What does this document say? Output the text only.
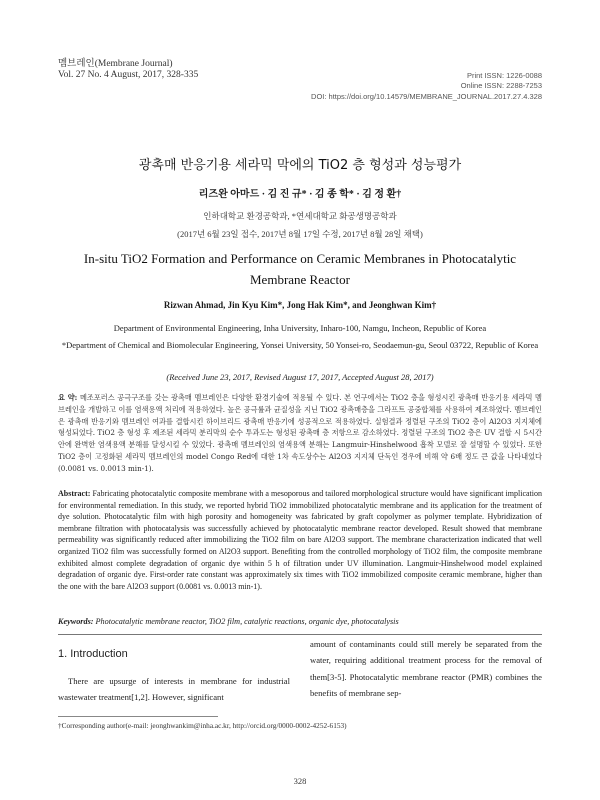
멤브레인(Membrane Journal)
Vol. 27 No. 4 August, 2017, 328-335	Print ISSN: 1226-0088
Online ISSN: 2288-7253
DOI: https://doi.org/10.14579/MEMBRANE_JOURNAL.2017.27.4.328
광촉매 반응기용 세라믹 막에의 TiO2 층 형성과 성능평가
리즈완 아마드 · 김 진 규* · 김 종 학* · 김 정 환†
인하대학교 환경공학과, *연세대학교 화공생명공학과
(2017년 6월 23일 접수, 2017년 8월 17일 수정, 2017년 8월 28일 채택)
In-situ TiO2 Formation and Performance on Ceramic Membranes in Photocatalytic Membrane Reactor
Rizwan Ahmad, Jin Kyu Kim*, Jong Hak Kim*, and Jeonghwan Kim†
Department of Environmental Engineering, Inha University, Inharo-100, Namgu, Incheon, Republic of Korea
*Department of Chemical and Biomolecular Engineering, Yonsei University, 50 Yonsei-ro, Seodaemun-gu, Seoul 03722, Republic of Korea
(Received June 23, 2017, Revised August 17, 2017, Accepted August 28, 2017)
요 약: 메조포러스 공극구조를 갖는 광촉매 멤브레인은 다양한 환경기술에 적용될 수 있다. 본 연구에서는 TiO2 층을 형성시킨 광촉매 반응기용 세라믹 멤브레인을 개발하고 이를 염색용액 처리에 적용하였다. 높은 공극률과 균질성을 지닌 TiO2 광촉매층을 그라프트 공중합체를 사용하여 제조하였다. 멤브레인은 광촉매 반응기와 멤브레인 여과를 결합시킨 하이브리드 광촉매 반응기에 성공적으로 적용하였다. 실험결과 정렬된 구조의 TiO2 층이 Al2O3 지지체에 형성되었다. TiO2 층 형성 후 제조된 세라믹 분리막의 순수 투과도는 형성된 광촉매 층 저항으로 감소하였다. 정렬된 구조의 TiO2 층은 UV 결합 시 5시간 안에 완벽한 염색용액 분해를 달성시킬 수 있었다. 광촉매 멤브레인의 염색용액 분해는 Langmuir-Hinshelwood 흡착 모델로 잘 설명할 수 있었다. 또한 TiO2 층이 고정화된 세라믹 멤브레인의 model Congo Red에 대한 1차 속도상수는 Al2O3 지지체 단독인 경우에 비해 약 6배 정도 큰 값을 나타내었다(0.0081 vs. 0.0013 min-1).
Abstract: Fabricating photocatalytic composite membrane with a mesoporous and tailored morphological structure would have significant implication for environmental remediation. In this study, we reported hybrid TiO2 immobilized photocatalytic membrane and its application for the treatment of dye solution. Photocatalytic film with high porosity and homogeneity was fabricated by graft copolymer as polymer template. Hybridization of membrane filtration with photocatalysis was successfully achieved by photocatalytic membrane reactor developed. Result showed that membrane permeability was significantly reduced after immobilizing the TiO2 film on bare Al2O3 support. The membrane characterization indicated that well organized TiO2 film was successfully formed on Al2O3 support. Benefiting from the controlled morphology of TiO2 film, the composite membrane exhibited almost complete degradation of organic dye within 5 h of filtration under UV illumination. Langmuir-Hinshelwood model explained degradation of organic dye. First-order rate constant was approximately six times with TiO2 immobilized composite ceramic membrane, higher than the one with the bare Al2O3 support (0.0081 vs. 0.0013 min-1).
Keywords: Photocatalytic membrane reactor, TiO2 film, catalytic reactions, organic dye, photocatalysis
1. Introduction
There are upsurge of interests in membrane for industrial wastewater treatment[1,2]. However, significant
amount of contaminants could still merely be separated from the water, requiring additional treatment process for the removal of them[3-5]. Photocatalytic membrane reactor (PMR) combines the benefits of membrane sep-
†Corresponding author(e-mail: jeonghwankim@inha.ac.kr, http://orcid.org/0000-0002-4252-6153)
328
